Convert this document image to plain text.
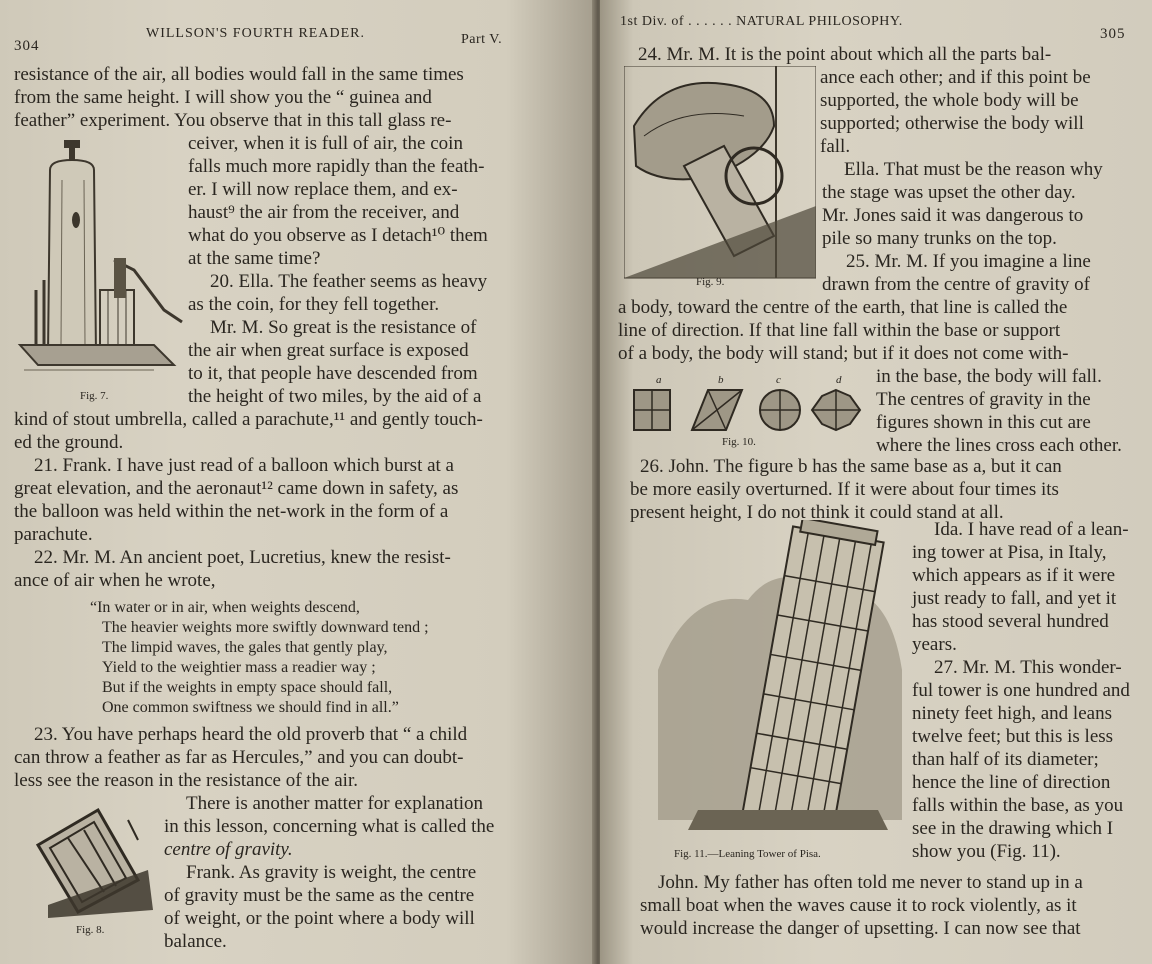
304
WILLSON'S FOURTH READER.	Part V.
Fig. 7.
resistance of the air, all bodies would fall in the same times
from the same height. I will show you the “ guinea and
feather” experiment. You observe that in this tall glass re-
ceiver, when it is full of air, the coin
falls much more rapidly than the feath-
er. I will now replace them, and ex-
haust⁹ the air from the receiver, and
what do you observe as I detach¹⁰ them
at the same time?
20. Ella. The feather seems as heavy
as the coin, for they fell together.
Mr. M. So great is the resistance of
the air when great surface is exposed
to it, that people have descended from
the height of two miles, by the aid of a
kind of stout umbrella, called a parachute,¹¹ and gently touch-
ed the ground.
21. Frank. I have just read of a balloon which burst at a
great elevation, and the aeronaut¹² came down in safety, as
the balloon was held within the net-work in the form of a
parachute.
22. Mr. M. An ancient poet, Lucretius, knew the resist-
ance of air when he wrote,
“In water or in air, when weights descend,
The heavier weights more swiftly downward tend ;
The limpid waves, the gales that gently play,
Yield to the weightier mass a readier way ;
But if the weights in empty space should fall,
One common swiftness we should find in all.”
23. You have perhaps heard the old proverb that “ a child
can throw a feather as far as Hercules,” and you can doubt-
less see the reason in the resistance of the air.
There is another matter for explanation
in this lesson, concerning what is called the
centre of gravity.
Frank. As gravity is weight, the centre
of gravity must be the same as the centre
of weight, or the point where a body will
balance.
Fig. 8.
1st Div. of . . . . . . NATURAL PHILOSOPHY.
305
Fig. 9.
24. Mr. M. It is the point about which all the parts bal-
ance each other; and if this point be
supported, the whole body will be
supported; otherwise the body will
fall.
Ella. That must be the reason why
the stage was upset the other day.
Mr. Jones said it was dangerous to
pile so many trunks on the top.
25. Mr. M. If you imagine a line
drawn from the centre of gravity of
a body, toward the centre of the earth, that line is called the
line of direction. If that line fall within the base or support
of a body, the body will stand; but if it does not come with-
in the base, the body will fall.
The centres of gravity in the
figures shown in this cut are
where the lines cross each other.
a	b	c	d
Fig. 10.
26. John. The figure b has the same base as a, but it can
be more easily overturned. If it were about four times its
present height, I do not think it could stand at all.
Ida. I have read of a lean-
ing tower at Pisa, in Italy,
which appears as if it were
just ready to fall, and yet it
has stood several hundred
years.
27. Mr. M. This wonder-
ful tower is one hundred and
ninety feet high, and leans
twelve feet; but this is less
than half of its diameter;
hence the line of direction
falls within the base, as you
see in the drawing which I
show you (Fig. 11).
Fig. 11.—Leaning Tower of Pisa.
John. My father has often told me never to stand up in a
small boat when the waves cause it to rock violently, as it
would increase the danger of upsetting. I can now see that
